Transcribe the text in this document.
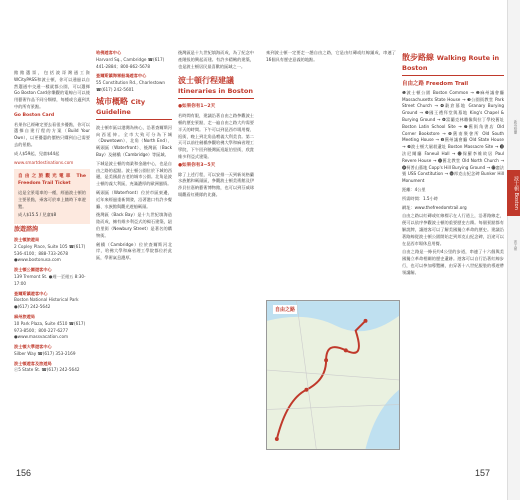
館館選票，包括波哥灣通工資WCityPASS和波士頓，你可以通過以自然選通中交通一樣就都公園，可以選擇Go Boston Card你樂觀的電線台可以使用藝術作品不同分類標，每種或合適到其中的所有景點。

Go Boston Card

若果你已經確定要去看很多優點，你可以選擇自建行程的方案（Build Your Own），以更優惠的價格只購到自己需要去的景點。

成人$59起，兒童$44起

www.smartdestinations.com

自由之旅觀光電車 The Freedom Trail Ticket

這是全景電車的一種，經過波士頓的主要景點，乘客可於車上隨時下車遊覽。

成人$15.5 / 兒童$8

旅遊諮詢

波士頓旅遊局
2 Copley Place, Suite 105 ☎(617) 536-4100；888-733-2678 ●www.bostonusa.com
波士頓公園遊客中心
139 Tremont St. ●週一至週五 8:30-17:00
查爾斯鎮遊客中心
Boston National Historical Park ●(617) 242-5642
麻州旅遊局
10 Park Plaza, Suite 4510 ☎(617) 973-8500；800-227-6277 ●www.massvacation.com
波士頓大學遊客中心
Silber Way ☎(617) 353-2169
波士頓遊客及旅遊局
ⓔ5 State St. ☎(617) 242-5642
哈佛遊客中心
Harvard Sq., Cambridge ☎(617) 441-2884；800-862-5678
查爾斯鎮海軍船塢遊客中心
55 Constitution Rd., Charlestown ☎(617) 242-5601
城市概略 City Guideline

波士頓市區以港灣為核心，沿著查爾斯河向西延伸。全市大致可分為下城（Downtown）、北角（North End）、碼頭區（Waterfront）、後灣區（Back Bay）及劍橋（Cambridge）等區域。

下城是波士頓的商業和金融中心，也是自由之路的起點。波士頓公園位於下城的西邊，是美國最古老的城市公園。北角是波士頓的義大利區，充滿濃厚的歐洲風情。

碼頭區（Waterfront）位於市區東邊，近年來經過重新開發，沿著港口有許多餐廳、水族館與觀光遊船碼頭。

後灣區（Back Bay）是十九世紀填海造陸而成，擁有維多利亞式的褐石建築，紐伯里街（Newbury Street）是著名的購物街。

劍橋（Cambridge）位於查爾斯河北岸，哈佛大學和麻省理工學院都位於此區，學術氣息濃厚。

後灣區是十九世紀填海而成，為了紀念中產階級的興起而建。有許多精緻的建築，也是波士頓居民最喜歡的區域之一。

波士頓行程建議
Itineraries in Boston

●如果你有1~2天

若時間有限，建議沿著自由之路參觀波士頓的歷史景點，走一遍自由之路大約需要半天的時間。下午可以到昆西市場用餐、逛街，晚上到北角品嚐義大利美食。第二天可以前往劍橋參觀哈佛大學和麻省理工學院，下午回到後灣區逛紐伯里街，欣賞維多利亞式建築。

●如果你有3~5天

除了上述行程，可以安排一天到新英格蘭水族館和碼頭區，參觀波士頓美術館及伊莎貝拉嘉納藝術博物館，也可以到芬威球場觀看紅襪隊的比賽。

156
新英格蘭
波士頓 Boston
波士頓

來到波士頓一定要走一趟自由之路，它是由紅磚或紅線鋪成，串連了16個具有歷史意義的地點。

自由之路
散步路線 Walking Route in Boston

自由之路 Freedom Trail

❶波士頓公園 Boston Common → ❷麻州議會廳 Massachusetts State House → ❸公園街教堂 Park Street Church → ❹穀倉墓地 Granary Burying Ground → ❺國王禮拜堂與墓地 King's Chapel & Burying Ground → ❻富蘭克林雕像與拉丁學校舊址 Boston Latin School Site → ❼舊街角書店 Old Corner Bookstore → ❽舊南聚會所 Old South Meeting House → ❾舊州議會廳 Old State House → ❿波士頓大屠殺遺址 Boston Massacre Site → ⓫法尼爾廳 Faneuil Hall → ⓬保羅李維故居 Paul Revere House → ⓭舊北教堂 Old North Church → ⓮柯普山墓地 Copp's Hill Burying Ground → ⓯憲法號 USS Constitution → ⓰邦克山紀念碑 Bunker Hill Monument

距離：4公里

所需時間：1.5小時

網址：www.thefreedomtrail.org

自由之路以紅磚或紅線標示在人行道上，沿著路線走，便可以依序參觀波士頓的重要歷史古蹟。每個景點都有解說牌，讓遊客可以了解美國獨立革命的歷史。建議沿著路線從波士頓公園開始走到邦克山紀念碑，沿途可以在昆西市場休息用餐。

自由之路是一條長約4公里的步道，串連了十六個與美國獨立革命相關的歷史遺跡。遊客可以自行沿著紅線步行，也可以參加導覽團，由穿著十八世紀服裝的導遊帶領講解。

157
